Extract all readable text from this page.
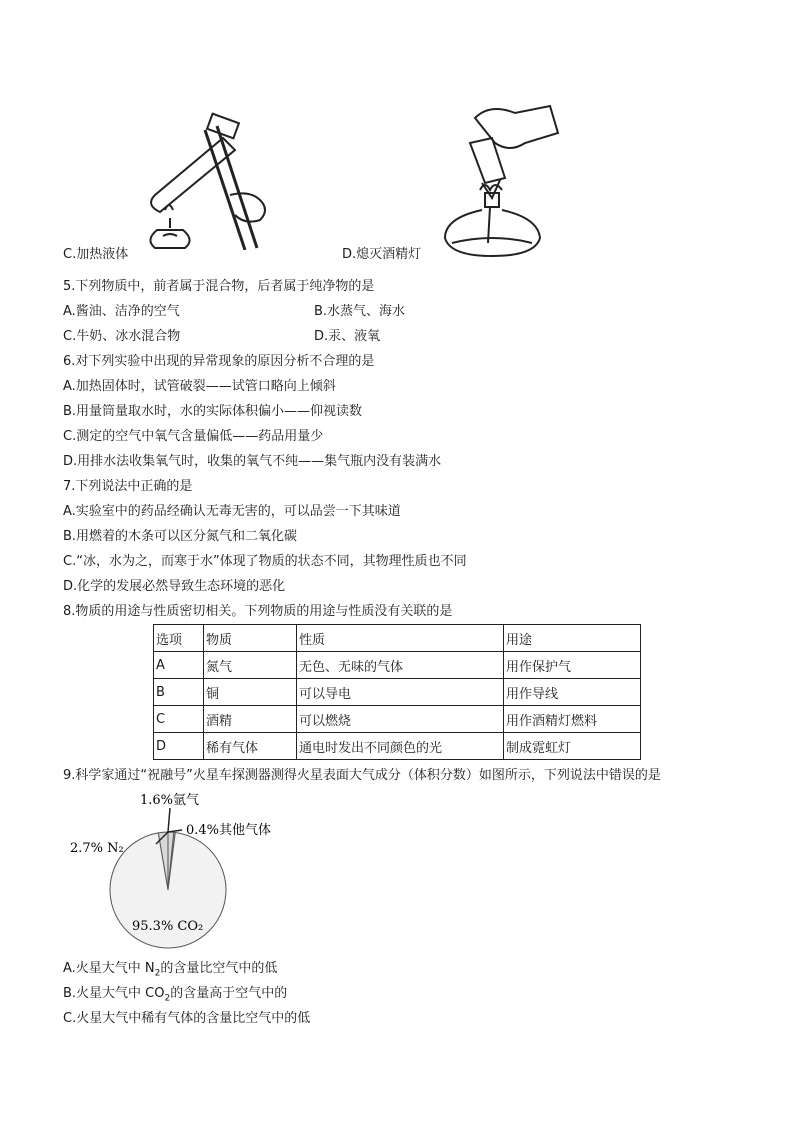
C.加热液体	D.熄灭酒精灯
5.下列物质中，前者属于混合物，后者属于纯净物的是
A.酱油、洁净的空气	B.水蒸气、海水
C.牛奶、冰水混合物	D.汞、液氧
6.对下列实验中出现的异常现象的原因分析不合理的是
A.加热固体时，试管破裂——试管口略向上倾斜
B.用量筒量取水时，水的实际体积偏小——仰视读数
C.测定的空气中氧气含量偏低——药品用量少
D.用排水法收集氧气时，收集的氧气不纯——集气瓶内没有装满水
7.下列说法中正确的是
A.实验室中的药品经确认无毒无害的，可以品尝一下其味道
B.用燃着的木条可以区分氮气和二氧化碳
C.“冰，水为之，而寒于水”体现了物质的状态不同，其物理性质也不同
D.化学的发展必然导致生态环境的恶化
8.物质的用途与性质密切相关。下列物质的用途与性质没有关联的是
选项	物质	性质	用途
A	氮气	无色、无味的气体	用作保护气
B	铜	可以导电	用作导线
C	酒精	可以燃烧	用作酒精灯燃料
D	稀有气体	通电时发出不同颜色的光	制成霓虹灯
9.科学家通过“祝融号”火星车探测器测得火星表面大气成分（体积分数）如图所示，下列说法中错误的是
1.6%氩气
0.4%其他气体
2.7% N₂
95.3% CO₂
A.火星大气中 $N_2$的含量比空气中的低
B.火星大气中 $CO_2$的含量高于空气中的
C.火星大气中稀有气体的含量比空气中的低
